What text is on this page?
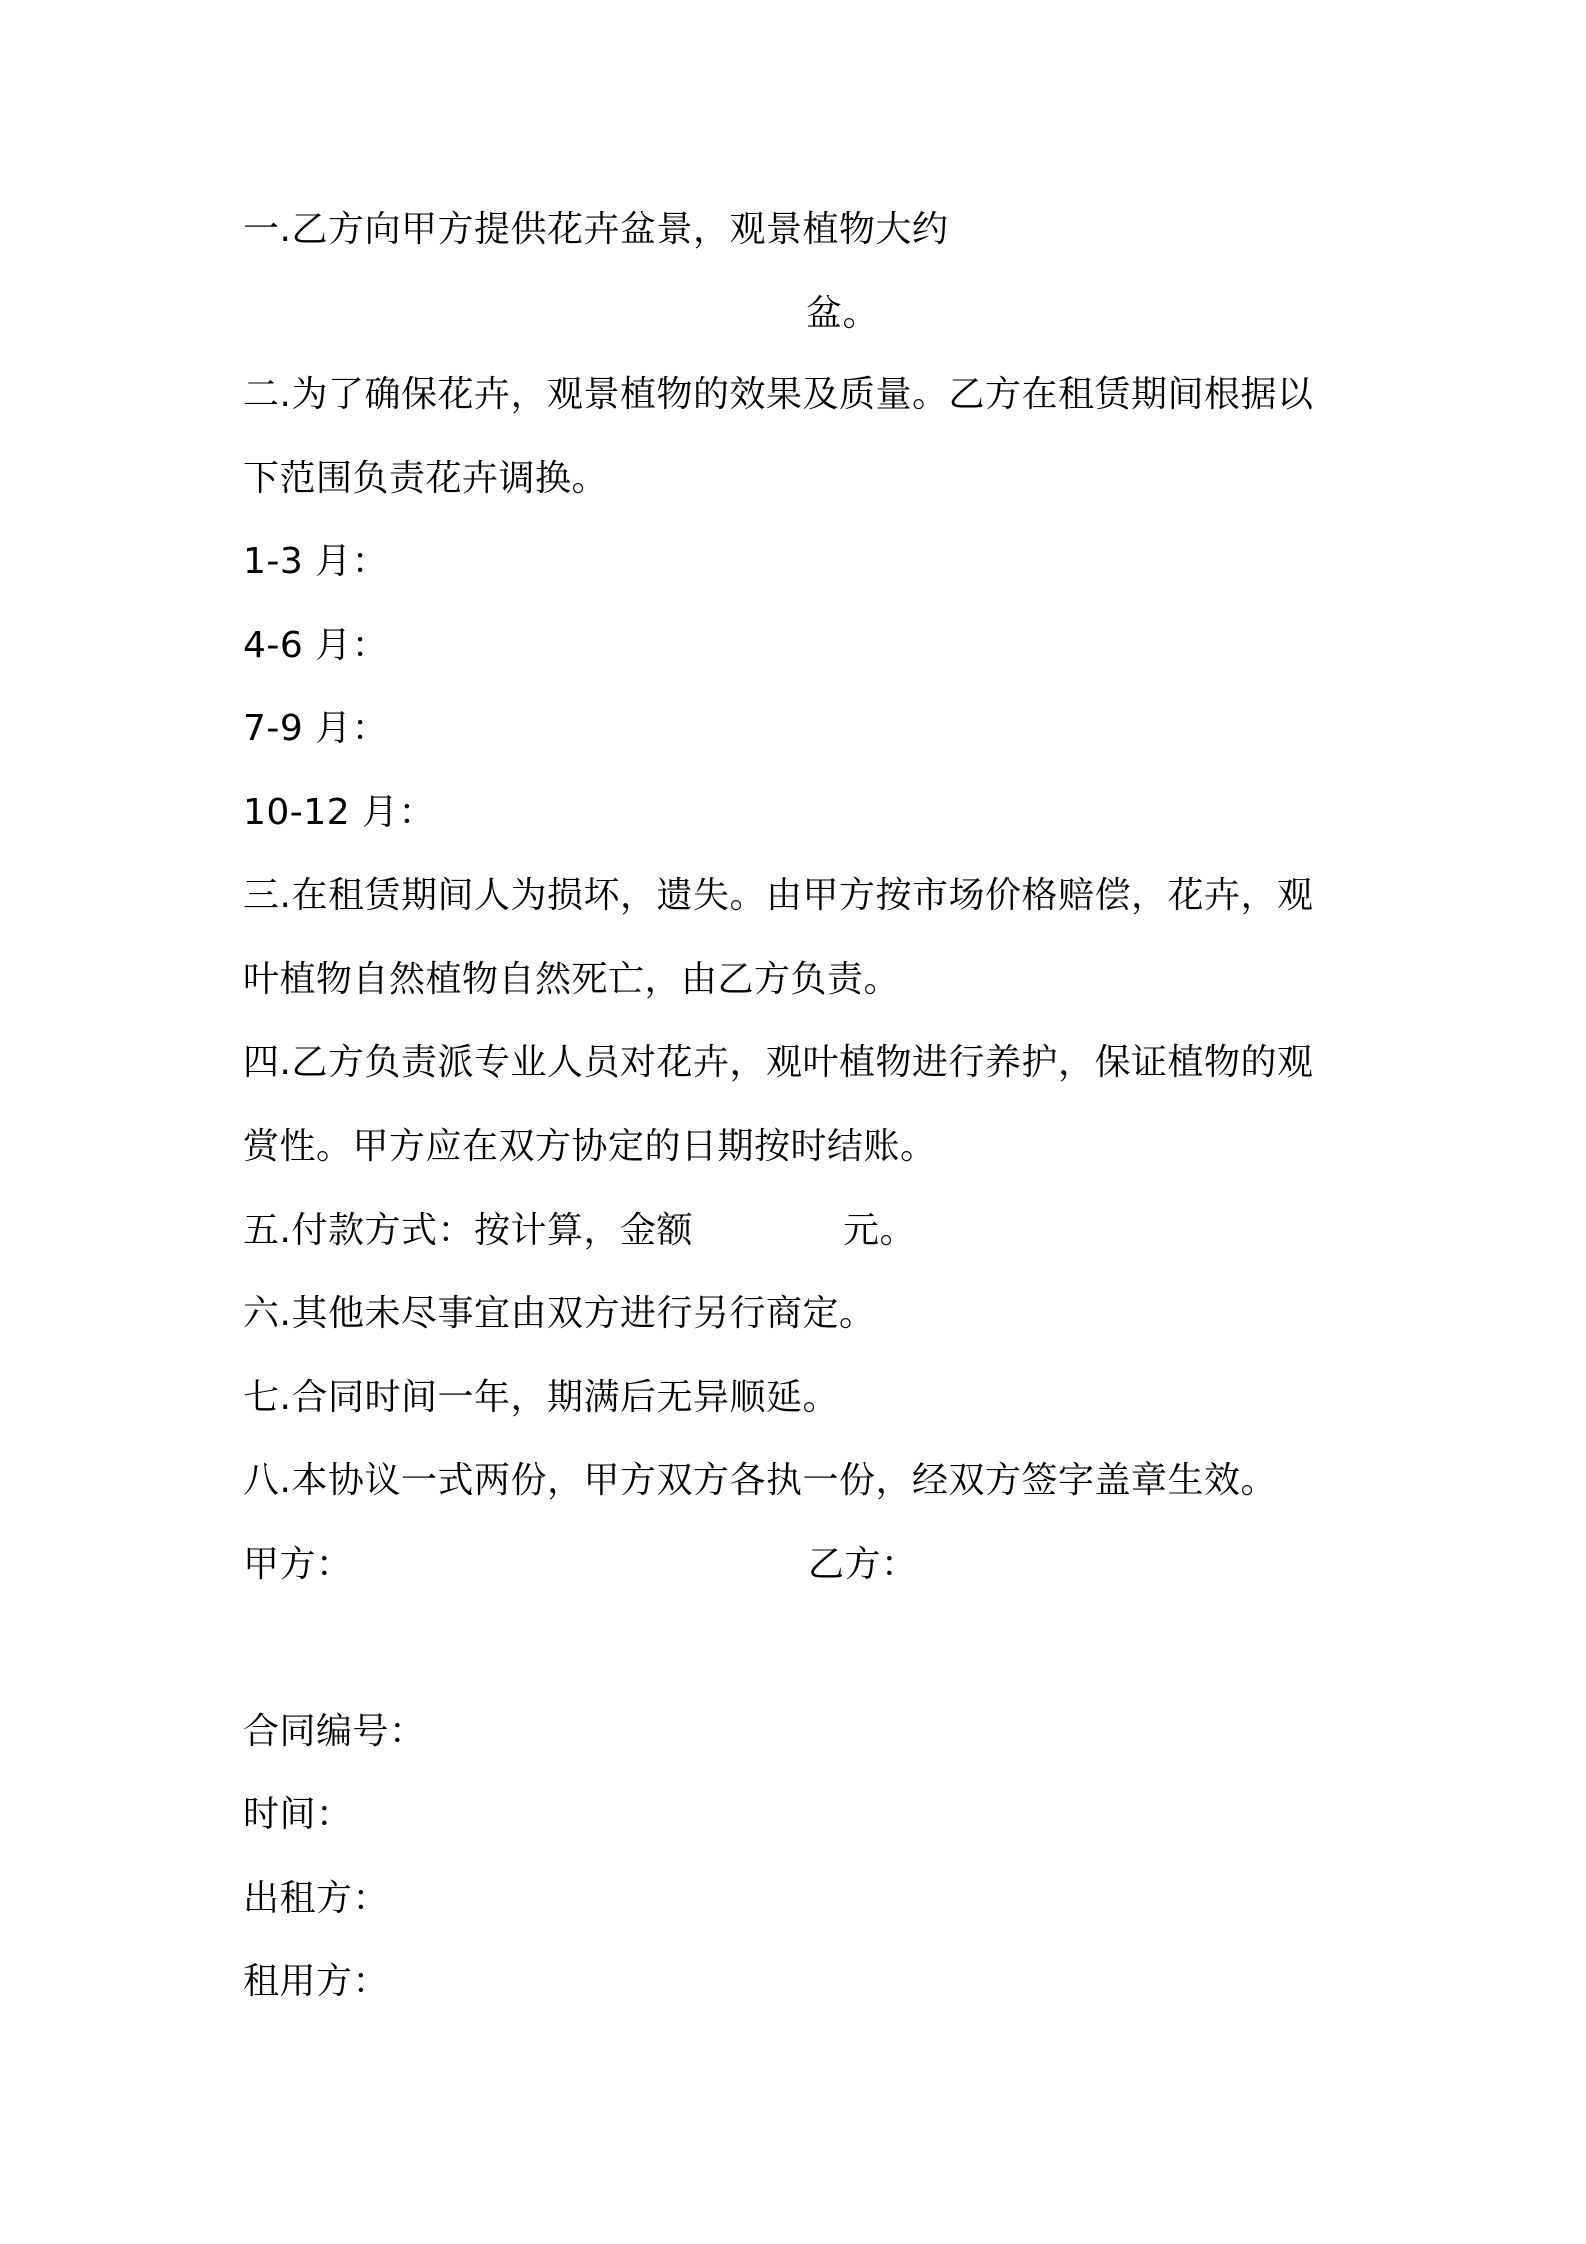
一.乙方向甲方提供花卉盆景，观景植物大约
盆。
二.为了确保花卉，观景植物的效果及质量。乙方在租赁期间根据以
下范围负责花卉调换。
1-3 月：
4-6 月：
7-9 月：
10-12 月：
三.在租赁期间人为损坏，遗失。由甲方按市场价格赔偿，花卉，观
叶植物自然植物自然死亡，由乙方负责。
四.乙方负责派专业人员对花卉，观叶植物进行养护，保证植物的观
赏性。甲方应在双方协定的日期按时结账。
五.付款方式：按计算，金额	元。
六.其他未尽事宜由双方进行另行商定。
七.合同时间一年，期满后无异顺延。
八.本协议一式两份，甲方双方各执一份，经双方签字盖章生效。
甲方：	乙方：
合同编号：
时间：
出租方：
租用方：
